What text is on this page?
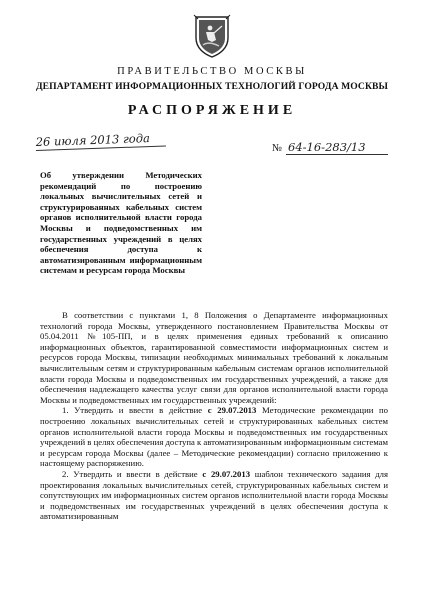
ПРАВИТЕЛЬСТВО МОСКВЫ
ДЕПАРТАМЕНТ ИНФОРМАЦИОННЫХ ТЕХНОЛОГИЙ ГОРОДА МОСКВЫ
РАСПОРЯЖЕНИЕ
26 июля 2013 года	№ 64-16-283/13
Об утверждении Методических рекомендаций по построению локальных вычислительных сетей и структурированных кабельных систем органов исполнительной власти города Москвы и подведомственных им государственных учреждений в целях обеспечения доступа к автоматизированным информационным системам и ресурсам города Москвы

В соответствии с пунктами 1, 8 Положения о Департаменте информационных технологий города Москвы, утвержденного постановлением Правительства Москвы от 05.04.2011 №105-ПП, и в целях применения единых требований к описанию информационных объектов, гарантированной совместимости информационных систем и ресурсов города Москвы, типизации необходимых минимальных требований к локальным вычислительным сетям и структурированным кабельным системам органов исполнительной власти города Москвы и подведомственных им государственных учреждений, а также для обеспечения надлежащего качества услуг связи для органов исполнительной власти города Москвы и подведомственных им государственных учреждений:

1. Утвердить и ввести в действие с 29.07.2013 Методические рекомендации по построению локальных вычислительных сетей и структурированных кабельных систем органов исполнительной власти города Москвы и подведомственных им государственных учреждений в целях обеспечения доступа к автоматизированным информационным системам и ресурсам города Москвы (далее – Методические рекомендации) согласно приложению к настоящему распоряжению.

2. Утвердить и ввести в действие с 29.07.2013 шаблон технического задания для проектирования локальных вычислительных сетей, структурированных кабельных систем и сопутствующих им информационных систем органов исполнительной власти города Москвы и подведомственных им государственных учреждений в целях обеспечения доступа к автоматизированным
